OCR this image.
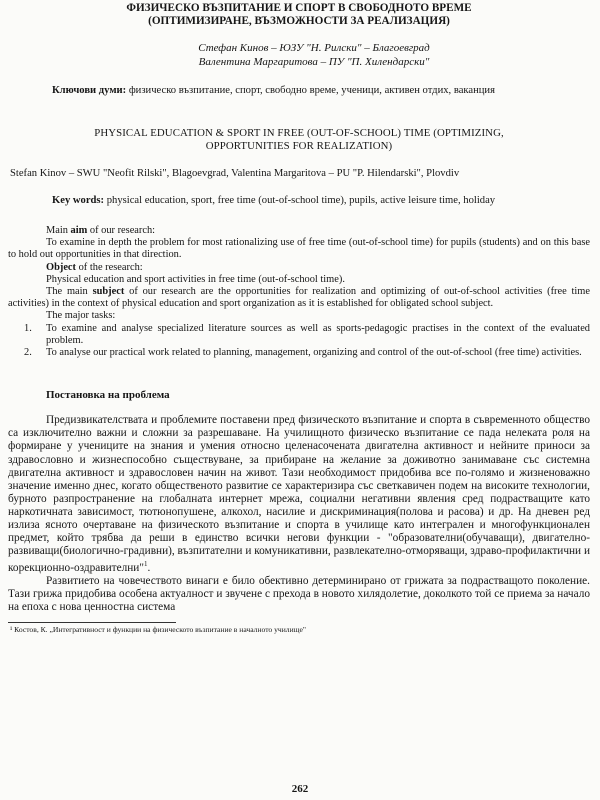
ФИЗИЧЕСКО ВЪЗПИТАНИЕ И СПОРТ В СВОБОДНОТО ВРЕМЕ
(ОПТИМИЗИРАНЕ, ВЪЗМОЖНОСТИ ЗА РЕАЛИЗАЦИЯ)
Стефан Кинов – ЮЗУ "Н. Рилски" – Благоевград
Валентина Маргаритова – ПУ "П. Хилендарски"
Ключови думи: физическо възпитание, спорт, свободно време, ученици, активен отдих, ваканция
PHYSICAL EDUCATION & SPORT IN FREE (OUT-OF-SCHOOL) TIME (OPTIMIZING,
OPPORTUNITIES FOR REALIZATION)
Stefan Kinov – SWU "Neofit Rilski", Blagoevgrad, Valentina Margaritova – PU "P. Hilendarski", Plovdiv
Key words: physical education, sport, free time (out-of-school time), pupils, active leisure time, holiday

Main aim of our research:

To examine in depth the problem for most rationalizing use of free time (out-of-school time) for pupils (students) and on this base to hold out opportunities in that direction.

Object of the research:

Physical education and sport activities in free time (out-of-school time).

The main subject of our research are the opportunities for realization and optimizing of out-of-school activities (free time activities) in the context of physical education and sport organization as it is established for obligated school subject.

The major tasks:

1.	To examine and analyse specialized literature sources as well as sports-pedagogic practises in the context of the evaluated problem.
2.	To analyse our practical work related to planning, management, organizing and control of the out-of-school (free time) activities.
Постановка на проблема

Предизвикателствата и проблемите поставени пред физическото възпитание и спорта в съвременното общество са изключително важни и сложни за разрешаване. На училищното физическо възпитание се пада нелеката роля на формиране у учениците на знания и умения относно целенасочената двигателна активност и нейните приноси за здравословно и жизнеспособно съществуване, за прибиране на желание за доживотно занимаване със системна двигателна активност и здравословен начин на живот. Тази необходимост придобива все по-голямо и жизненоважно значение именно днес, когато общественото развитие се характеризира със светкавичен подем на високите технологии, бурното разпространение на глобалната интернет мрежа, социални негативни явления сред подрастващите като наркотичната зависимост, тютюнопушене, алкохол, насилие и дискриминация(полова и расова) и др. На дневен ред излиза ясното очертаване на физическото възпитание и спорта в училище като интегрален и многофункционален предмет, който трябва да реши в единство всички негови функции - "образователни(обучаващи), двигателно-развиващи(биологично-градивни), възпитателни и комуникативни, развлекателно-отморяващи, здраво-профилактични и корекционно-оздравителни"$^1$.

Развитието на човечеството винаги е било обективно детерминирано от грижата за подрастващото поколение. Тази грижа придобива особена актуалност и звучене с прехода в новото хилядолетие, доколкото той се приема за начало на епоха с нова ценностна система

¹ Костов, К. „Интегративност и функции на физическото възпитание в началното училище"
262
